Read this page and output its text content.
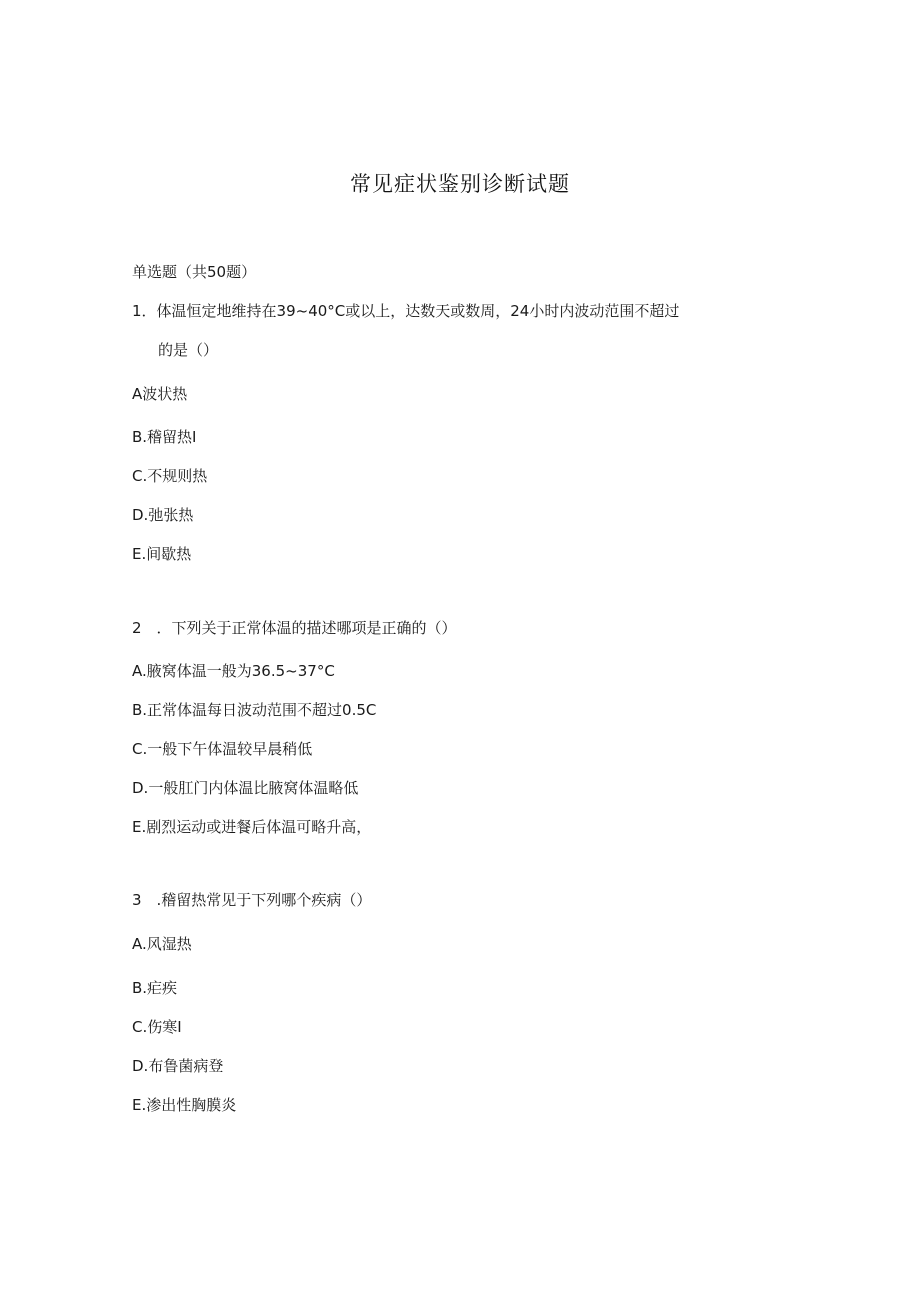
常见症状鉴别诊断试题
单选题（共50题）
1．体温恒定地维持在39~40°C或以上，达数天或数周，24小时内波动范围不超过
的是（）
A波状热
B.稽留热I
C.不规则热
D.弛张热
E.间歇热
2　．下列关于正常体温的描述哪项是正确的（）
A.腋窝体温一般为36.5~37°C
B.正常体温每日波动范围不超过0.5C
C.一般下午体温较早晨稍低
D.一般肛门内体温比腋窝体温略低
E.剧烈运动或进餐后体温可略升高，
3　.稽留热常见于下列哪个疾病（）
A.风湿热
B.疟疾
C.伤寒I
D.布鲁菌病登
E.渗出性胸膜炎
